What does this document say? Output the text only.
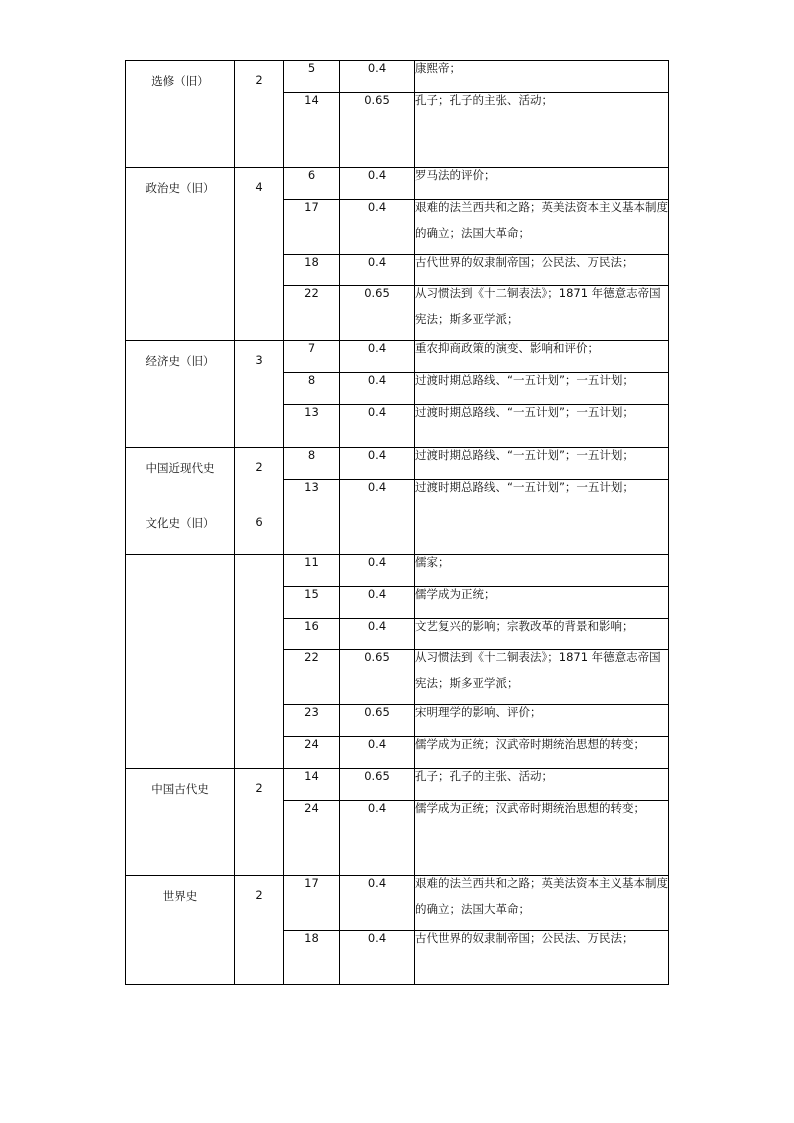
选修（旧）	2	5	0.4	康熙帝；

		14	0.65	孔子；孔子的主张、活动；

政治史（旧）	4	6	0.4	罗马法的评价；

		17	0.4	艰难的法兰西共和之路；英美法资本主义基本制度的确立；法国大革命；

		18	0.4	古代世界的奴隶制帝国；公民法、万民法；

		22	0.65	从习惯法到《十二铜表法》；1871 年德意志帝国宪法；斯多亚学派；

经济史（旧）	3	7	0.4	重农抑商政策的演变、影响和评价；

		8	0.4	过渡时期总路线、“一五计划”；一五计划；

		13	0.4	过渡时期总路线、“一五计划”；一五计划；

中国近现代史	2	8	0.4	过渡时期总路线、“一五计划”；一五计划；

		13	0.4	过渡时期总路线、“一五计划”；一五计划；

文化史（旧）	6	11	0.4	儒家；

		15	0.4	儒学成为正统；

		16	0.4	文艺复兴的影响；宗教改革的背景和影响；

		22	0.65	从习惯法到《十二铜表法》；1871 年德意志帝国宪法；斯多亚学派；

		23	0.65	宋明理学的影响、评价；

		24	0.4	儒学成为正统；汉武帝时期统治思想的转变；

中国古代史	2	14	0.65	孔子；孔子的主张、活动；

		24	0.4	儒学成为正统；汉武帝时期统治思想的转变；

世界史	2	17	0.4	艰难的法兰西共和之路；英美法资本主义基本制度的确立；法国大革命；

		18	0.4	古代世界的奴隶制帝国；公民法、万民法；
